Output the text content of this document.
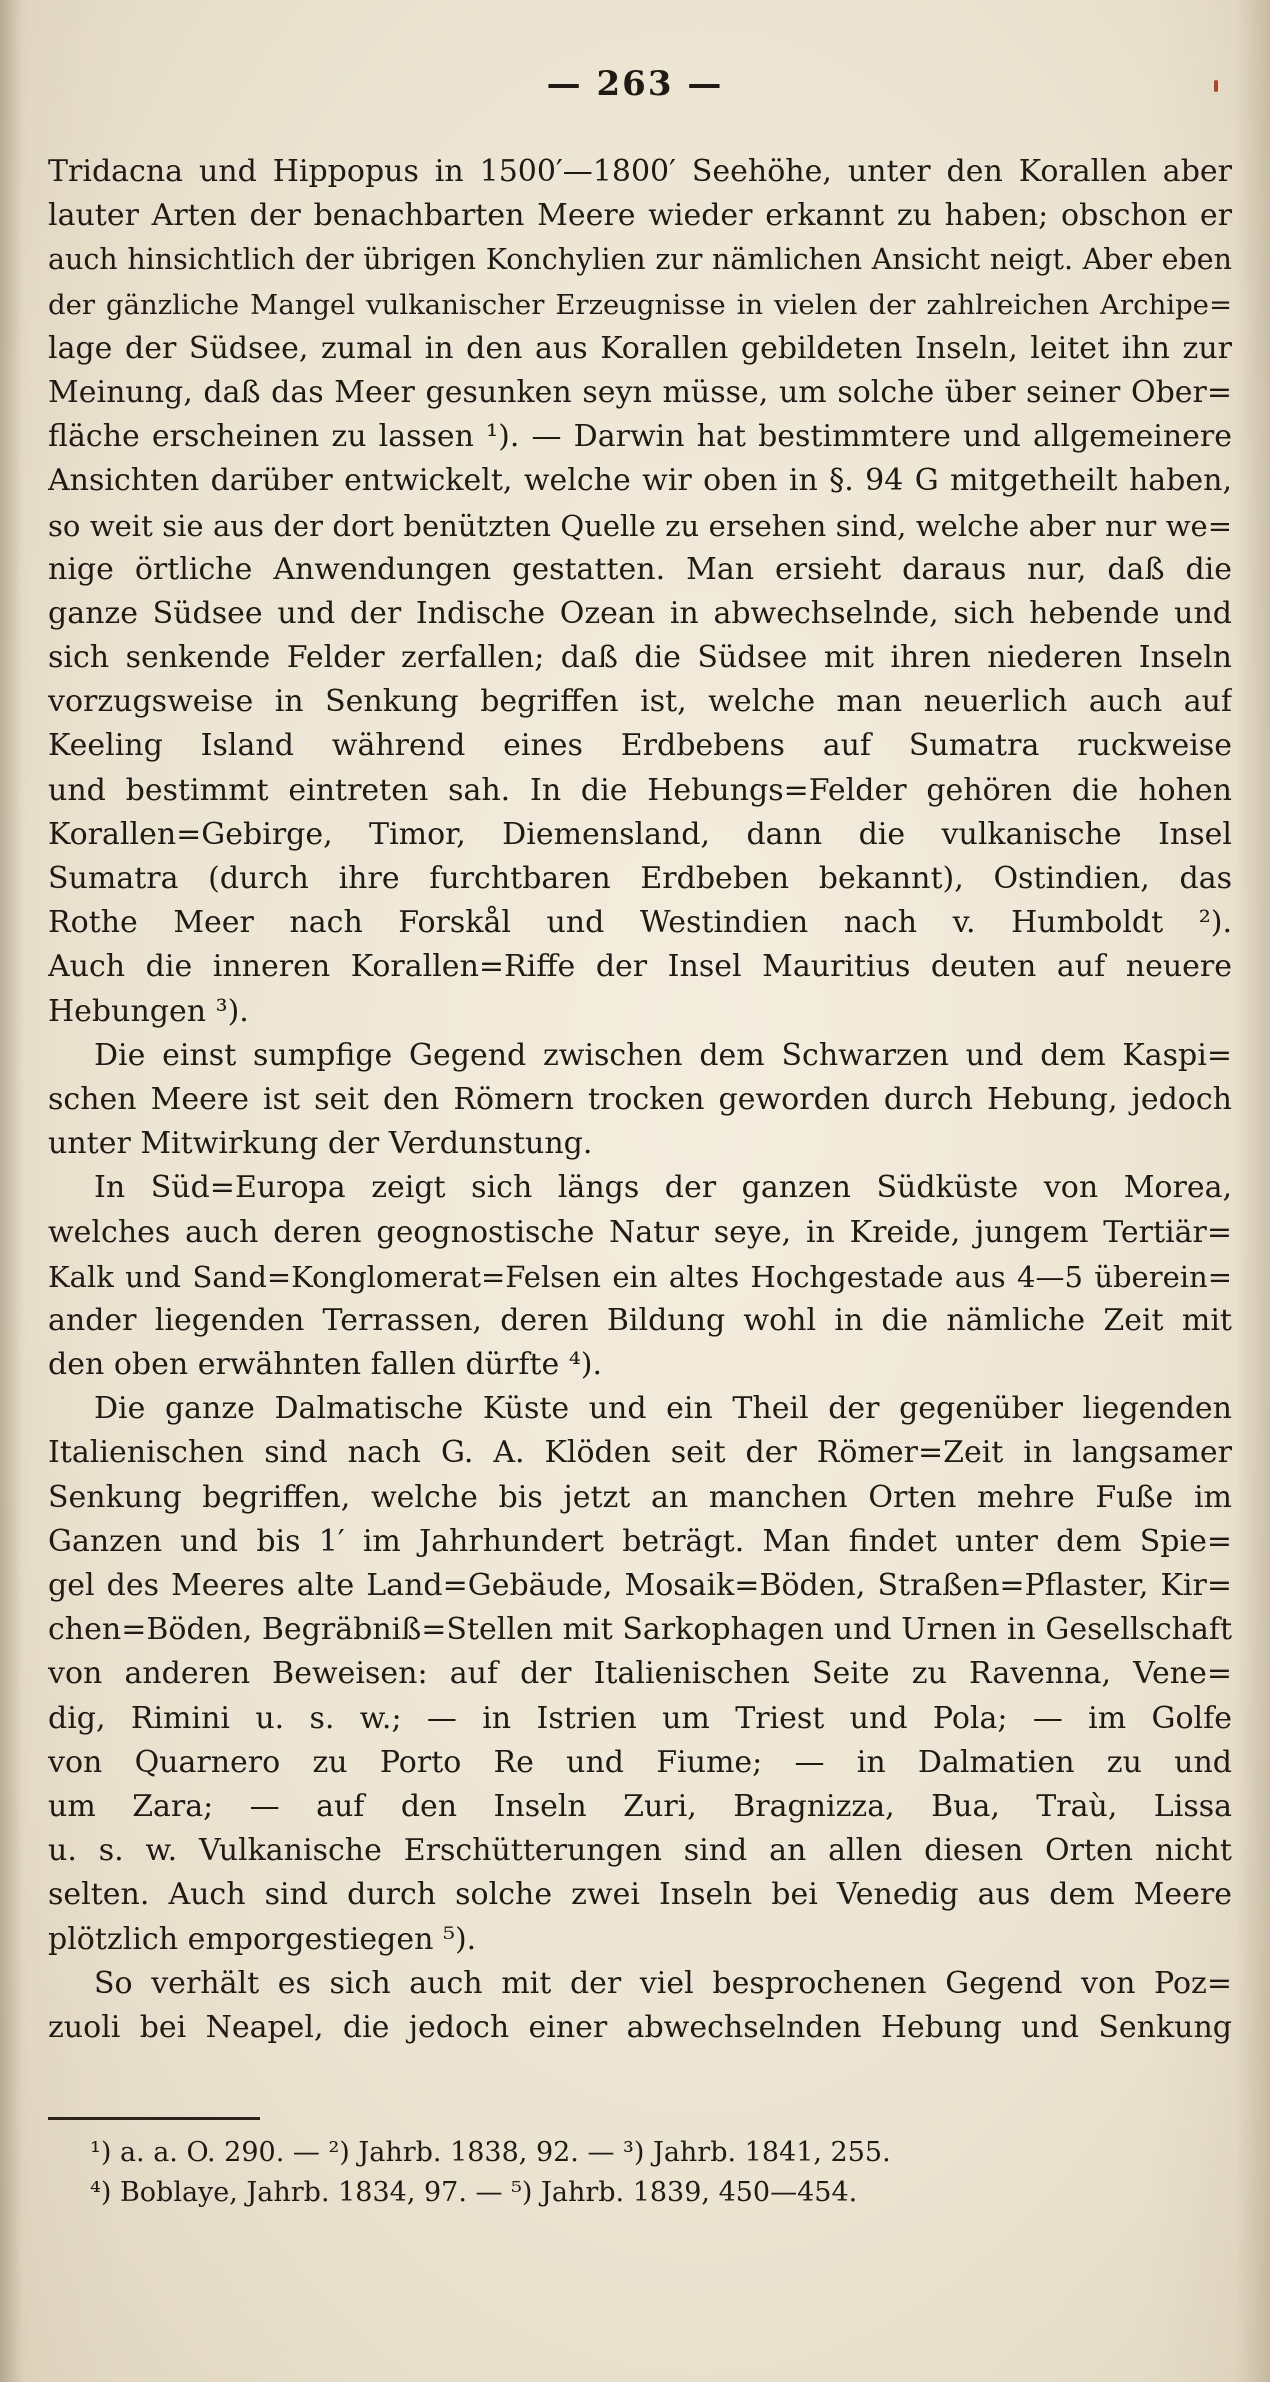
— 263 —
Tridacna und Hippopus in 1500′—1800′ Seehöhe, unter den Korallen aber
lauter Arten der benachbarten Meere wieder erkannt zu haben; obschon er
auch hinsichtlich der übrigen Konchylien zur nämlichen Ansicht neigt. Aber eben
der gänzliche Mangel vulkanischer Erzeugnisse in vielen der zahlreichen Archipe=
lage der Südsee, zumal in den aus Korallen gebildeten Inseln, leitet ihn zur
Meinung, daß das Meer gesunken seyn müsse, um solche über seiner Ober=
fläche erscheinen zu lassen ¹). — Darwin hat bestimmtere und allgemeinere
Ansichten darüber entwickelt, welche wir oben in §. 94 G mitgetheilt haben,
so weit sie aus der dort benützten Quelle zu ersehen sind, welche aber nur we=
nige örtliche Anwendungen gestatten. Man ersieht daraus nur, daß die
ganze Südsee und der Indische Ozean in abwechselnde, sich hebende und
sich senkende Felder zerfallen; daß die Südsee mit ihren niederen Inseln
vorzugsweise in Senkung begriffen ist, welche man neuerlich auch auf
Keeling Island während eines Erdbebens auf Sumatra ruckweise
und bestimmt eintreten sah. In die Hebungs=Felder gehören die hohen
Korallen=Gebirge, Timor, Diemensland, dann die vulkanische Insel
Sumatra (durch ihre furchtbaren Erdbeben bekannt), Ostindien, das
Rothe Meer nach Forskål und Westindien nach v. Humboldt ²).
Auch die inneren Korallen=Riffe der Insel Mauritius deuten auf neuere
Hebungen ³).
Die einst sumpfige Gegend zwischen dem Schwarzen und dem Kaspi=
schen Meere ist seit den Römern trocken geworden durch Hebung, jedoch
unter Mitwirkung der Verdunstung.
In Süd=Europa zeigt sich längs der ganzen Südküste von Morea,
welches auch deren geognostische Natur seye, in Kreide, jungem Tertiär=
Kalk und Sand=Konglomerat=Felsen ein altes Hochgestade aus 4—5 überein=
ander liegenden Terrassen, deren Bildung wohl in die nämliche Zeit mit
den oben erwähnten fallen dürfte ⁴).
Die ganze Dalmatische Küste und ein Theil der gegenüber liegenden
Italienischen sind nach G. A. Klöden seit der Römer=Zeit in langsamer
Senkung begriffen, welche bis jetzt an manchen Orten mehre Fuße im
Ganzen und bis 1′ im Jahrhundert beträgt. Man findet unter dem Spie=
gel des Meeres alte Land=Gebäude, Mosaik=Böden, Straßen=Pflaster, Kir=
chen=Böden, Begräbniß=Stellen mit Sarkophagen und Urnen in Gesellschaft
von anderen Beweisen: auf der Italienischen Seite zu Ravenna, Vene=
dig, Rimini u. s. w.; — in Istrien um Triest und Pola; — im Golfe
von Quarnero zu Porto Re und Fiume; — in Dalmatien zu und
um Zara; — auf den Inseln Zuri, Bragnizza, Bua, Traù, Lissa
u. s. w. Vulkanische Erschütterungen sind an allen diesen Orten nicht
selten. Auch sind durch solche zwei Inseln bei Venedig aus dem Meere
plötzlich emporgestiegen ⁵).
So verhält es sich auch mit der viel besprochenen Gegend von Poz=
zuoli bei Neapel, die jedoch einer abwechselnden Hebung und Senkung
¹) a. a. O. 290. — ²) Jahrb. 1838, 92. — ³) Jahrb. 1841, 255.
⁴) Boblaye, Jahrb. 1834, 97. — ⁵) Jahrb. 1839, 450—454.
